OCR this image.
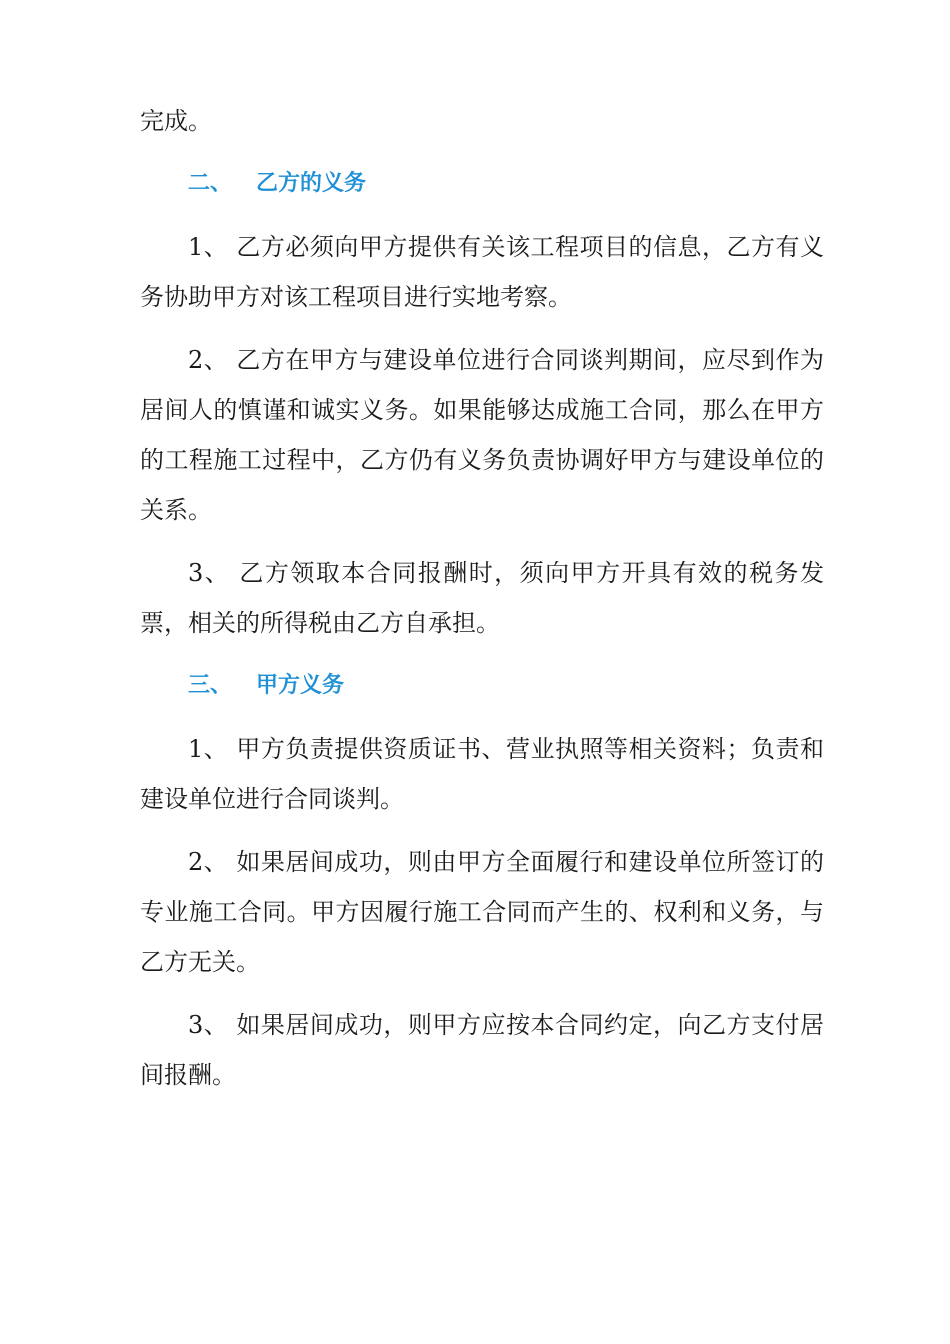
完成。

二、 乙方的义务

1、 乙方必须向甲方提供有关该工程项目的信息，乙方有义务协助甲方对该工程项目进行实地考察。

2、 乙方在甲方与建设单位进行合同谈判期间，应尽到作为居间人的慎谨和诚实义务。如果能够达成施工合同，那么在甲方的工程施工过程中，乙方仍有义务负责协调好甲方与建设单位的关系。

3、 乙方领取本合同报酬时，须向甲方开具有效的税务发票，相关的所得税由乙方自承担。

三、 甲方义务

1、 甲方负责提供资质证书、营业执照等相关资料；负责和建设单位进行合同谈判。

2、 如果居间成功，则由甲方全面履行和建设单位所签订的专业施工合同。甲方因履行施工合同而产生的、权利和义务，与乙方无关。

3、 如果居间成功，则甲方应按本合同约定，向乙方支付居间报酬。
